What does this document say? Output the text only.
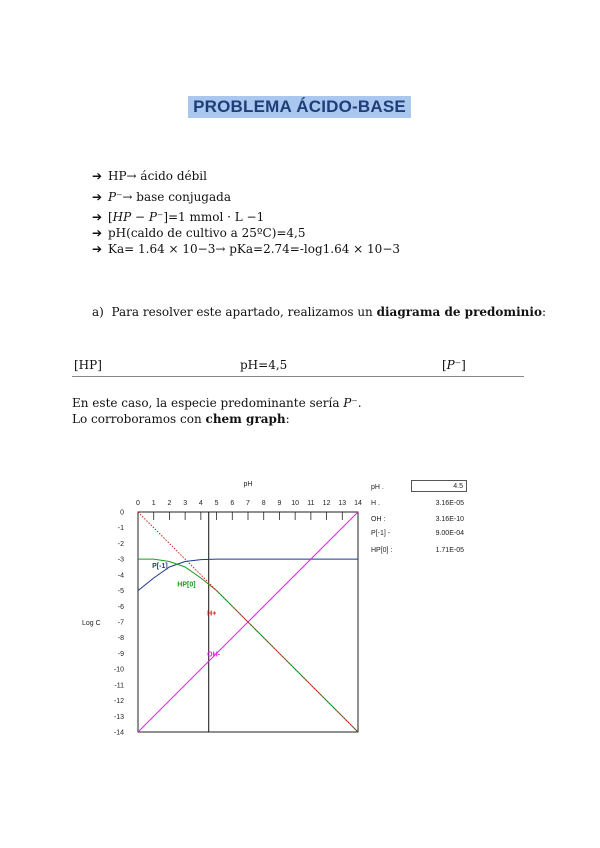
PROBLEMA ÁCIDO-BASE
➔ HP→ ácido débil
➔ 𝑃⁻→ base conjugada
➔ [𝐻𝑃 − 𝑃⁻]=1 mmol · L −1
➔ pH(caldo de cultivo a 25ºC)=4,5
➔ Ka= 1.64 × 10−3→ pKa=2.74=-log1.64 × 10−3
a) Para resolver este apartado, realizamos un diagrama de predominio:
[HP]	pH=4,5	[𝑃⁻]
En este caso, la especie predominante sería 𝑃⁻.
Lo corroboramos con chem graph:
pH
0 1 2 3 4 5 6 7 8 9 10 11 12 13 14
0
-1
-2
-3
-4
-5
-6
-7
-8
-9
-10
-11
-12
-13
-14
Log C
P[-1]
HP[0]
H+
OH-
pH .	4.5
H .	3.16E-05
OH :	3.16E-10
P[-1] -	9.00E-04
HP[0] :	1.71E-05
